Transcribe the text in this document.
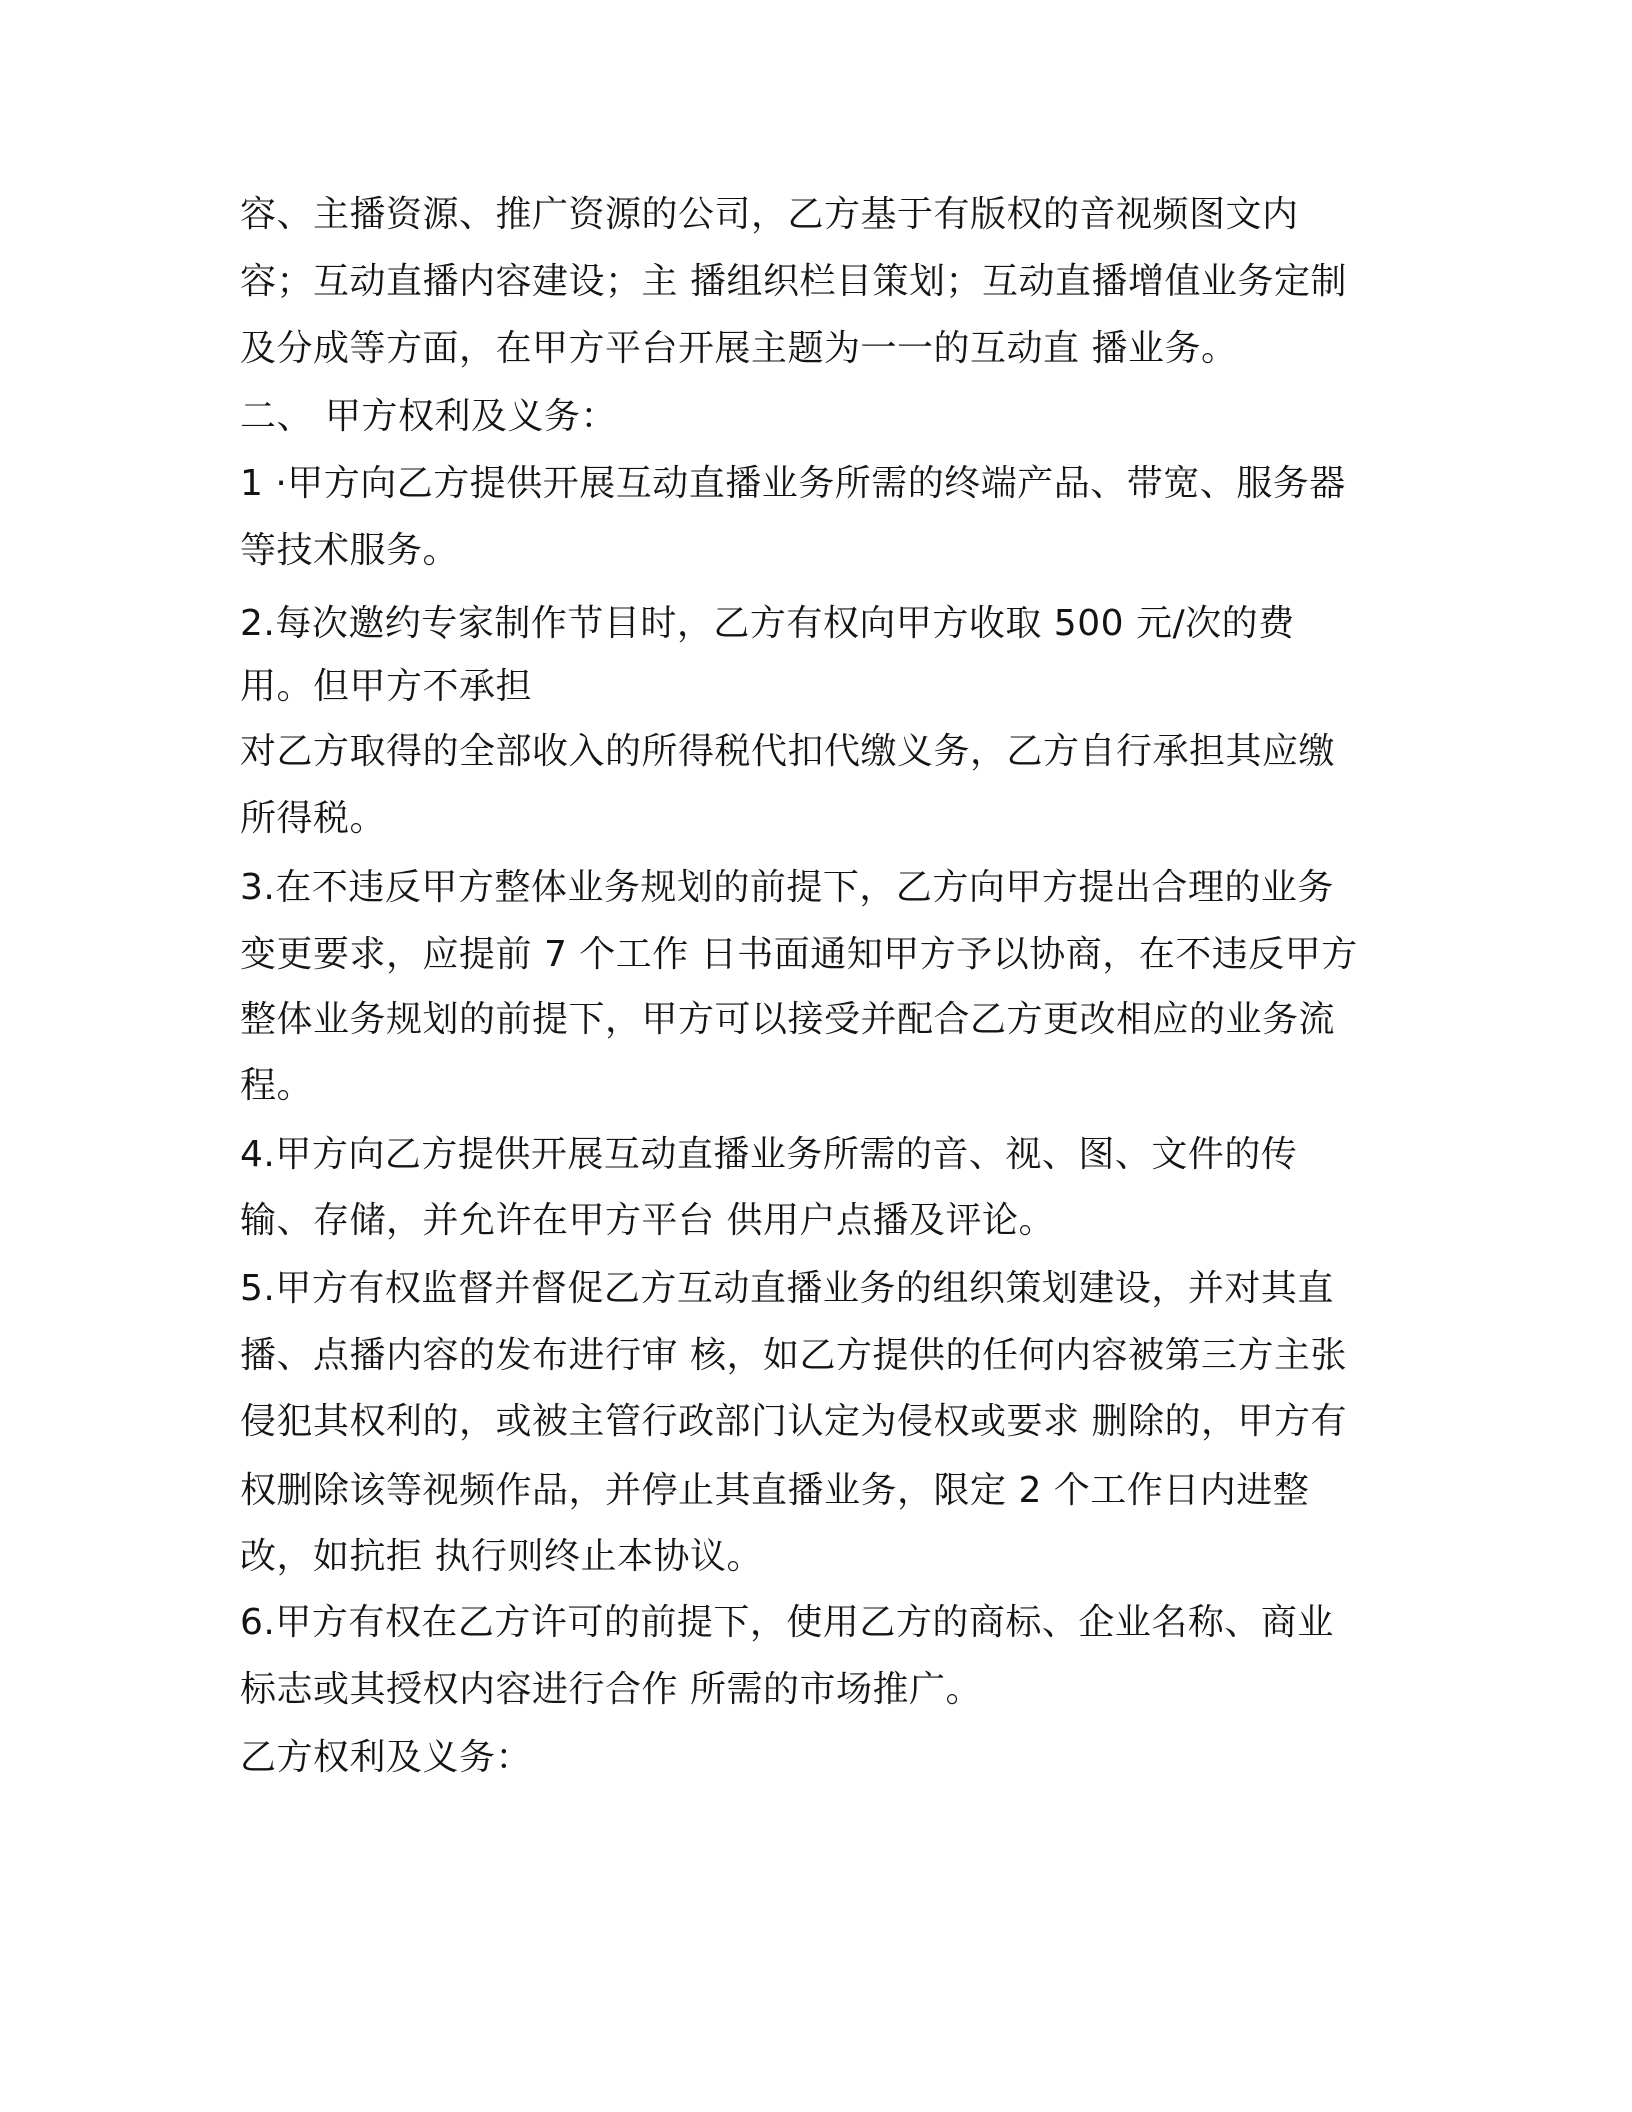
容、主播资源、推广资源的公司，乙方基于有版权的音视频图文内
容；互动直播内容建设；主 播组织栏目策划；互动直播增值业务定制
及分成等方面，在甲方平台开展主题为一一的互动直 播业务。
二、 甲方权利及义务：
1 ·甲方向乙方提供开展互动直播业务所需的终端产品、带宽、服务器
等技术服务。
2.每次邀约专家制作节目时，乙方有权向甲方收取 500 元/次的费
用。但甲方不承担
对乙方取得的全部收入的所得税代扣代缴义务，乙方自行承担其应缴
所得税。
3.在不违反甲方整体业务规划的前提下，乙方向甲方提出合理的业务
变更要求，应提前 7 个工作 日书面通知甲方予以协商，在不违反甲方
整体业务规划的前提下，甲方可以接受并配合乙方更改相应的业务流
程。
4.甲方向乙方提供开展互动直播业务所需的音、视、图、文件的传
输、存储，并允许在甲方平台 供用户点播及评论。
5.甲方有权监督并督促乙方互动直播业务的组织策划建设，并对其直
播、点播内容的发布进行审 核，如乙方提供的任何内容被第三方主张
侵犯其权利的，或被主管行政部门认定为侵权或要求 删除的，甲方有
权删除该等视频作品，并停止其直播业务，限定 2 个工作日内进整
改，如抗拒 执行则终止本协议。
6.甲方有权在乙方许可的前提下，使用乙方的商标、企业名称、商业
标志或其授权内容进行合作 所需的市场推广。
乙方权利及义务：
